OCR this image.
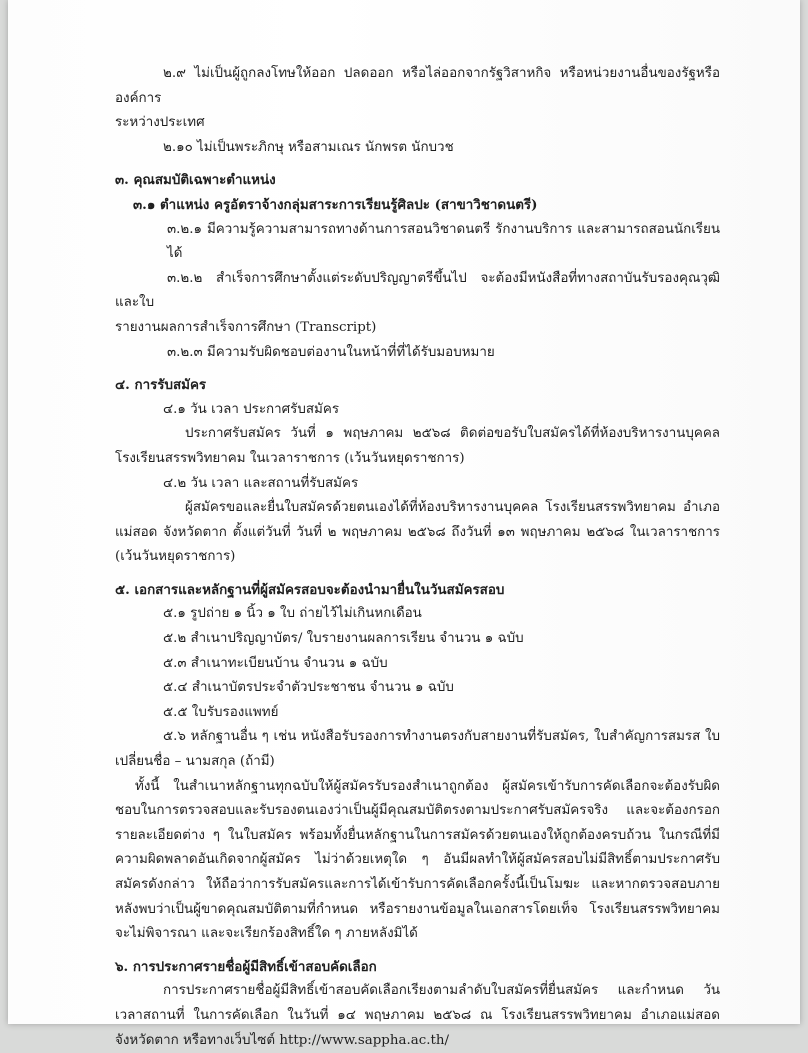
๒.๙ ไม่เป็นผู้ถูกลงโทษให้ออก ปลดออก หรือไล่ออกจากรัฐวิสาหกิจ หรือหน่วยงานอื่นของรัฐหรือองค์การ

ระหว่างประเทศ

๒.๑๐ ไม่เป็นพระภิกษุ หรือสามเณร นักพรต นักบวช

๓. คุณสมบัติเฉพาะตำแหน่ง

๓.๑ ตำแหน่ง ครูอัตราจ้างกลุ่มสาระการเรียนรู้ศิลปะ (สาขาวิชาดนตรี)

๓.๒.๑ มีความรู้ความสามารถทางด้านการสอนวิชาดนตรี รักงานบริการ และสามารถสอนนักเรียนได้

๓.๒.๒ สำเร็จการศึกษาตั้งแต่ระดับปริญญาตรีขึ้นไป จะต้องมีหนังสือที่ทางสถาบันรับรองคุณวุฒิ และใบ

รายงานผลการสำเร็จการศึกษา (Transcript)

๓.๒.๓ มีความรับผิดชอบต่องานในหน้าที่ที่ได้รับมอบหมาย

๔. การรับสมัคร

๔.๑ วัน เวลา ประกาศรับสมัคร

ประกาศรับสมัคร วันที่ ๑ พฤษภาคม ๒๕๖๘ ติดต่อขอรับใบสมัครได้ที่ห้องบริหารงานบุคคล โรงเรียนสรรพวิทยาคม ในเวลาราชการ (เว้นวันหยุดราชการ)

๔.๒ วัน เวลา และสถานที่รับสมัคร

ผู้สมัครขอและยื่นใบสมัครด้วยตนเองได้ที่ห้องบริหารงานบุคคล โรงเรียนสรรพวิทยาคม อำเภอแม่สอด จังหวัดตาก ตั้งแต่วันที่ วันที่ ๒ พฤษภาคม ๒๕๖๘ ถึงวันที่ ๑๓ พฤษภาคม ๒๕๖๘ ในเวลาราชการ (เว้นวันหยุดราชการ)

๕. เอกสารและหลักฐานที่ผู้สมัครสอบจะต้องนำมายื่นในวันสมัครสอบ

๕.๑ รูปถ่าย ๑ นิ้ว ๑ ใบ ถ่ายไว้ไม่เกินหกเดือน

๕.๒ สำเนาปริญญาบัตร/ ใบรายงานผลการเรียน จำนวน ๑ ฉบับ

๕.๓ สำเนาทะเบียนบ้าน จำนวน ๑ ฉบับ

๕.๔ สำเนาบัตรประจำตัวประชาชน จำนวน ๑ ฉบับ

๕.๕ ใบรับรองแพทย์

๕.๖ หลักฐานอื่น ๆ เช่น หนังสือรับรองการทำงานตรงกับสายงานที่รับสมัคร, ใบสำคัญการสมรส ใบเปลี่ยนชื่อ – นามสกุล (ถ้ามี)

ทั้งนี้ ในสำเนาหลักฐานทุกฉบับให้ผู้สมัครรับรองสำเนาถูกต้อง ผู้สมัครเข้ารับการคัดเลือกจะต้องรับผิดชอบในการตรวจสอบและรับรองตนเองว่าเป็นผู้มีคุณสมบัติตรงตามประกาศรับสมัครจริง และจะต้องกรอกรายละเอียดต่าง ๆ ในใบสมัคร พร้อมทั้งยื่นหลักฐานในการสมัครด้วยตนเองให้ถูกต้องครบถ้วน ในกรณีที่มีความผิดพลาดอันเกิดจากผู้สมัคร ไม่ว่าด้วยเหตุใด ๆ อันมีผลทำให้ผู้สมัครสอบไม่มีสิทธิ์ตามประกาศรับสมัครดังกล่าว ให้ถือว่าการรับสมัครและการได้เข้ารับการคัดเลือกครั้งนี้เป็นโมฆะ และหากตรวจสอบภายหลังพบว่าเป็นผู้ขาดคุณสมบัติตามที่กำหนด หรือรายงานข้อมูลในเอกสารโดยเท็จ โรงเรียนสรรพวิทยาคม จะไม่พิจารณา และจะเรียกร้องสิทธิ์ใด ๆ ภายหลังมิได้

๖. การประกาศรายชื่อผู้มีสิทธิ์เข้าสอบคัดเลือก

การประกาศรายชื่อผู้มีสิทธิ์เข้าสอบคัดเลือกเรียงตามลำดับใบสมัครที่ยื่นสมัคร และกำหนด วัน เวลาสถานที่ ในการคัดเลือก ในวันที่ ๑๔ พฤษภาคม ๒๕๖๘ ณ โรงเรียนสรรพวิทยาคม อำเภอแม่สอด จังหวัดตาก หรือทางเว็บไซต์ http://www.sappha.ac.th/
